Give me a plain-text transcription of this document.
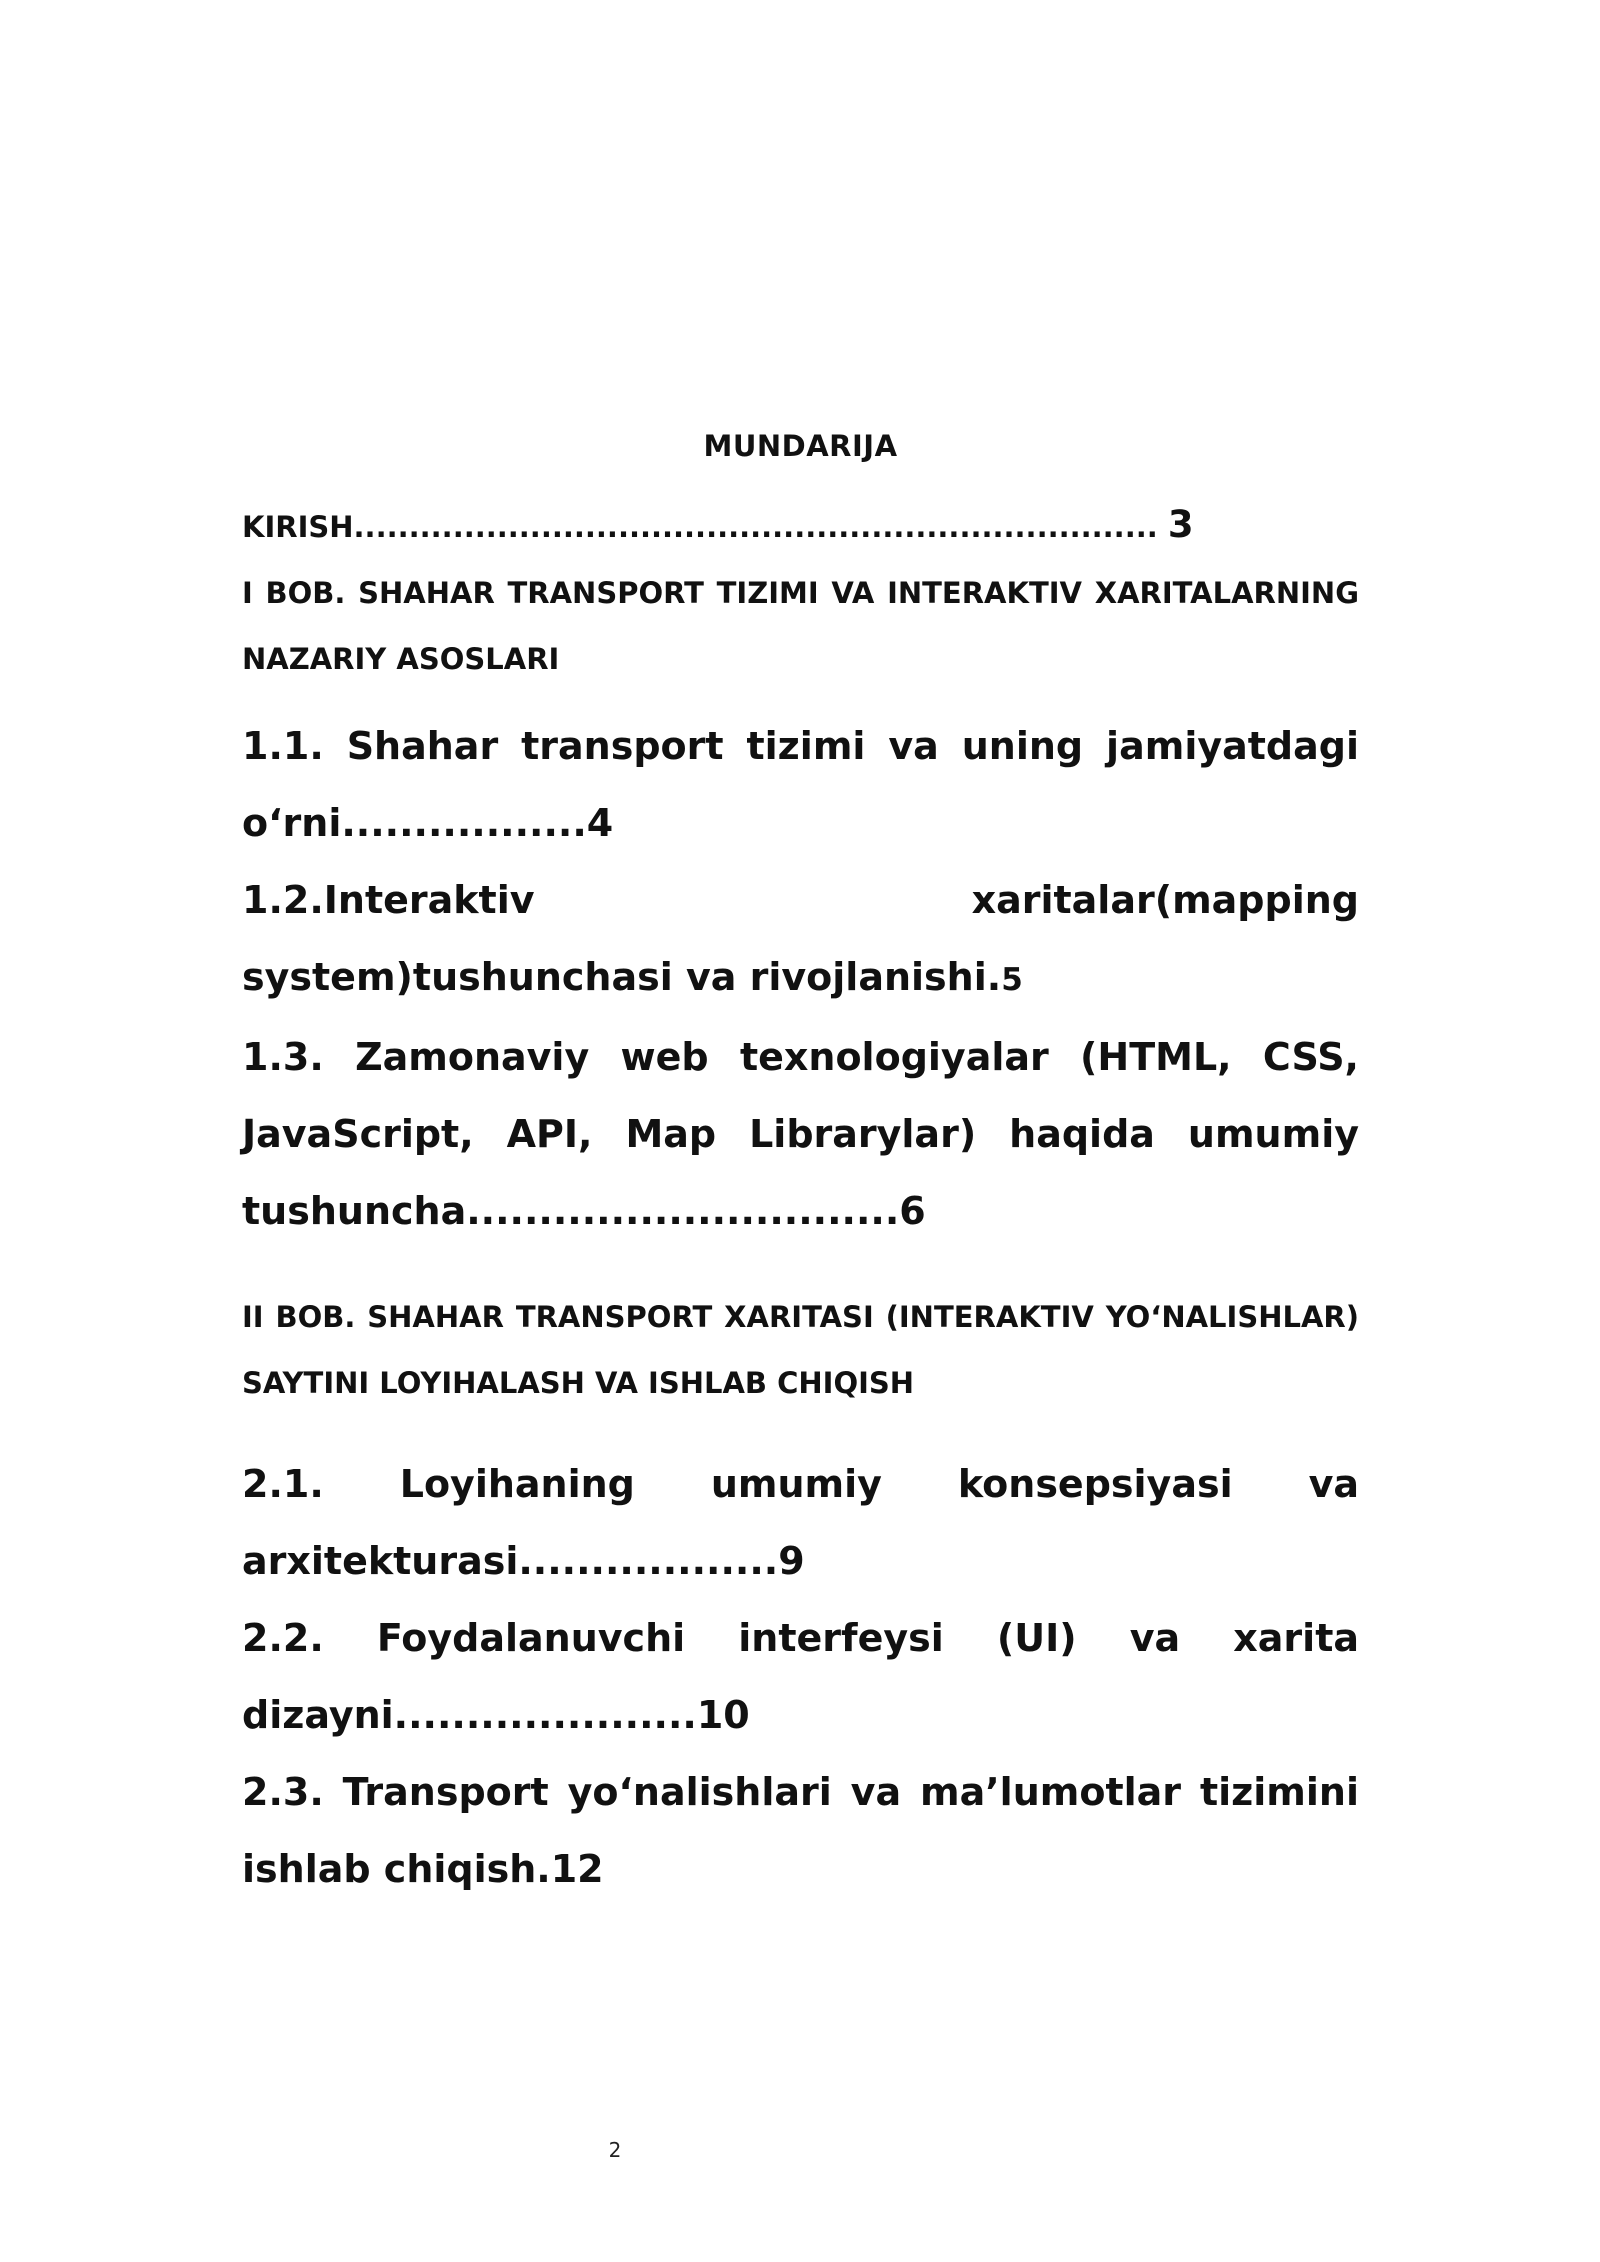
MUNDARIJA

KIRISH......................................................................... 3

I BOB. SHAHAR TRANSPORT TIZIMI VA INTERAKTIV XARITALARNING NAZARIY ASOSLARI

1.1. Shahar transport tizimi va uning jamiyatdagi o‘rni.................4

1.2.Interaktiv xaritalar(mapping system)tushunchasi va rivojlanishi.5

1.3. Zamonaviy web texnologiyalar (HTML, CSS, JavaScript, API, Map Librarylar) haqida umumiy tushuncha..............................6

II BOB. SHAHAR TRANSPORT XARITASI (INTERAKTIV YO‘NALISHLAR) SAYTINI LOYIHALASH VA ISHLAB CHIQISH

2.1. Loyihaning umumiy konsepsiyasi va arxitekturasi..................9

2.2. Foydalanuvchi interfeysi (UI) va xarita dizayni.....................10

2.3. Transport yo‘nalishlari va ma’lumotlar tizimini ishlab chiqish.12

2
